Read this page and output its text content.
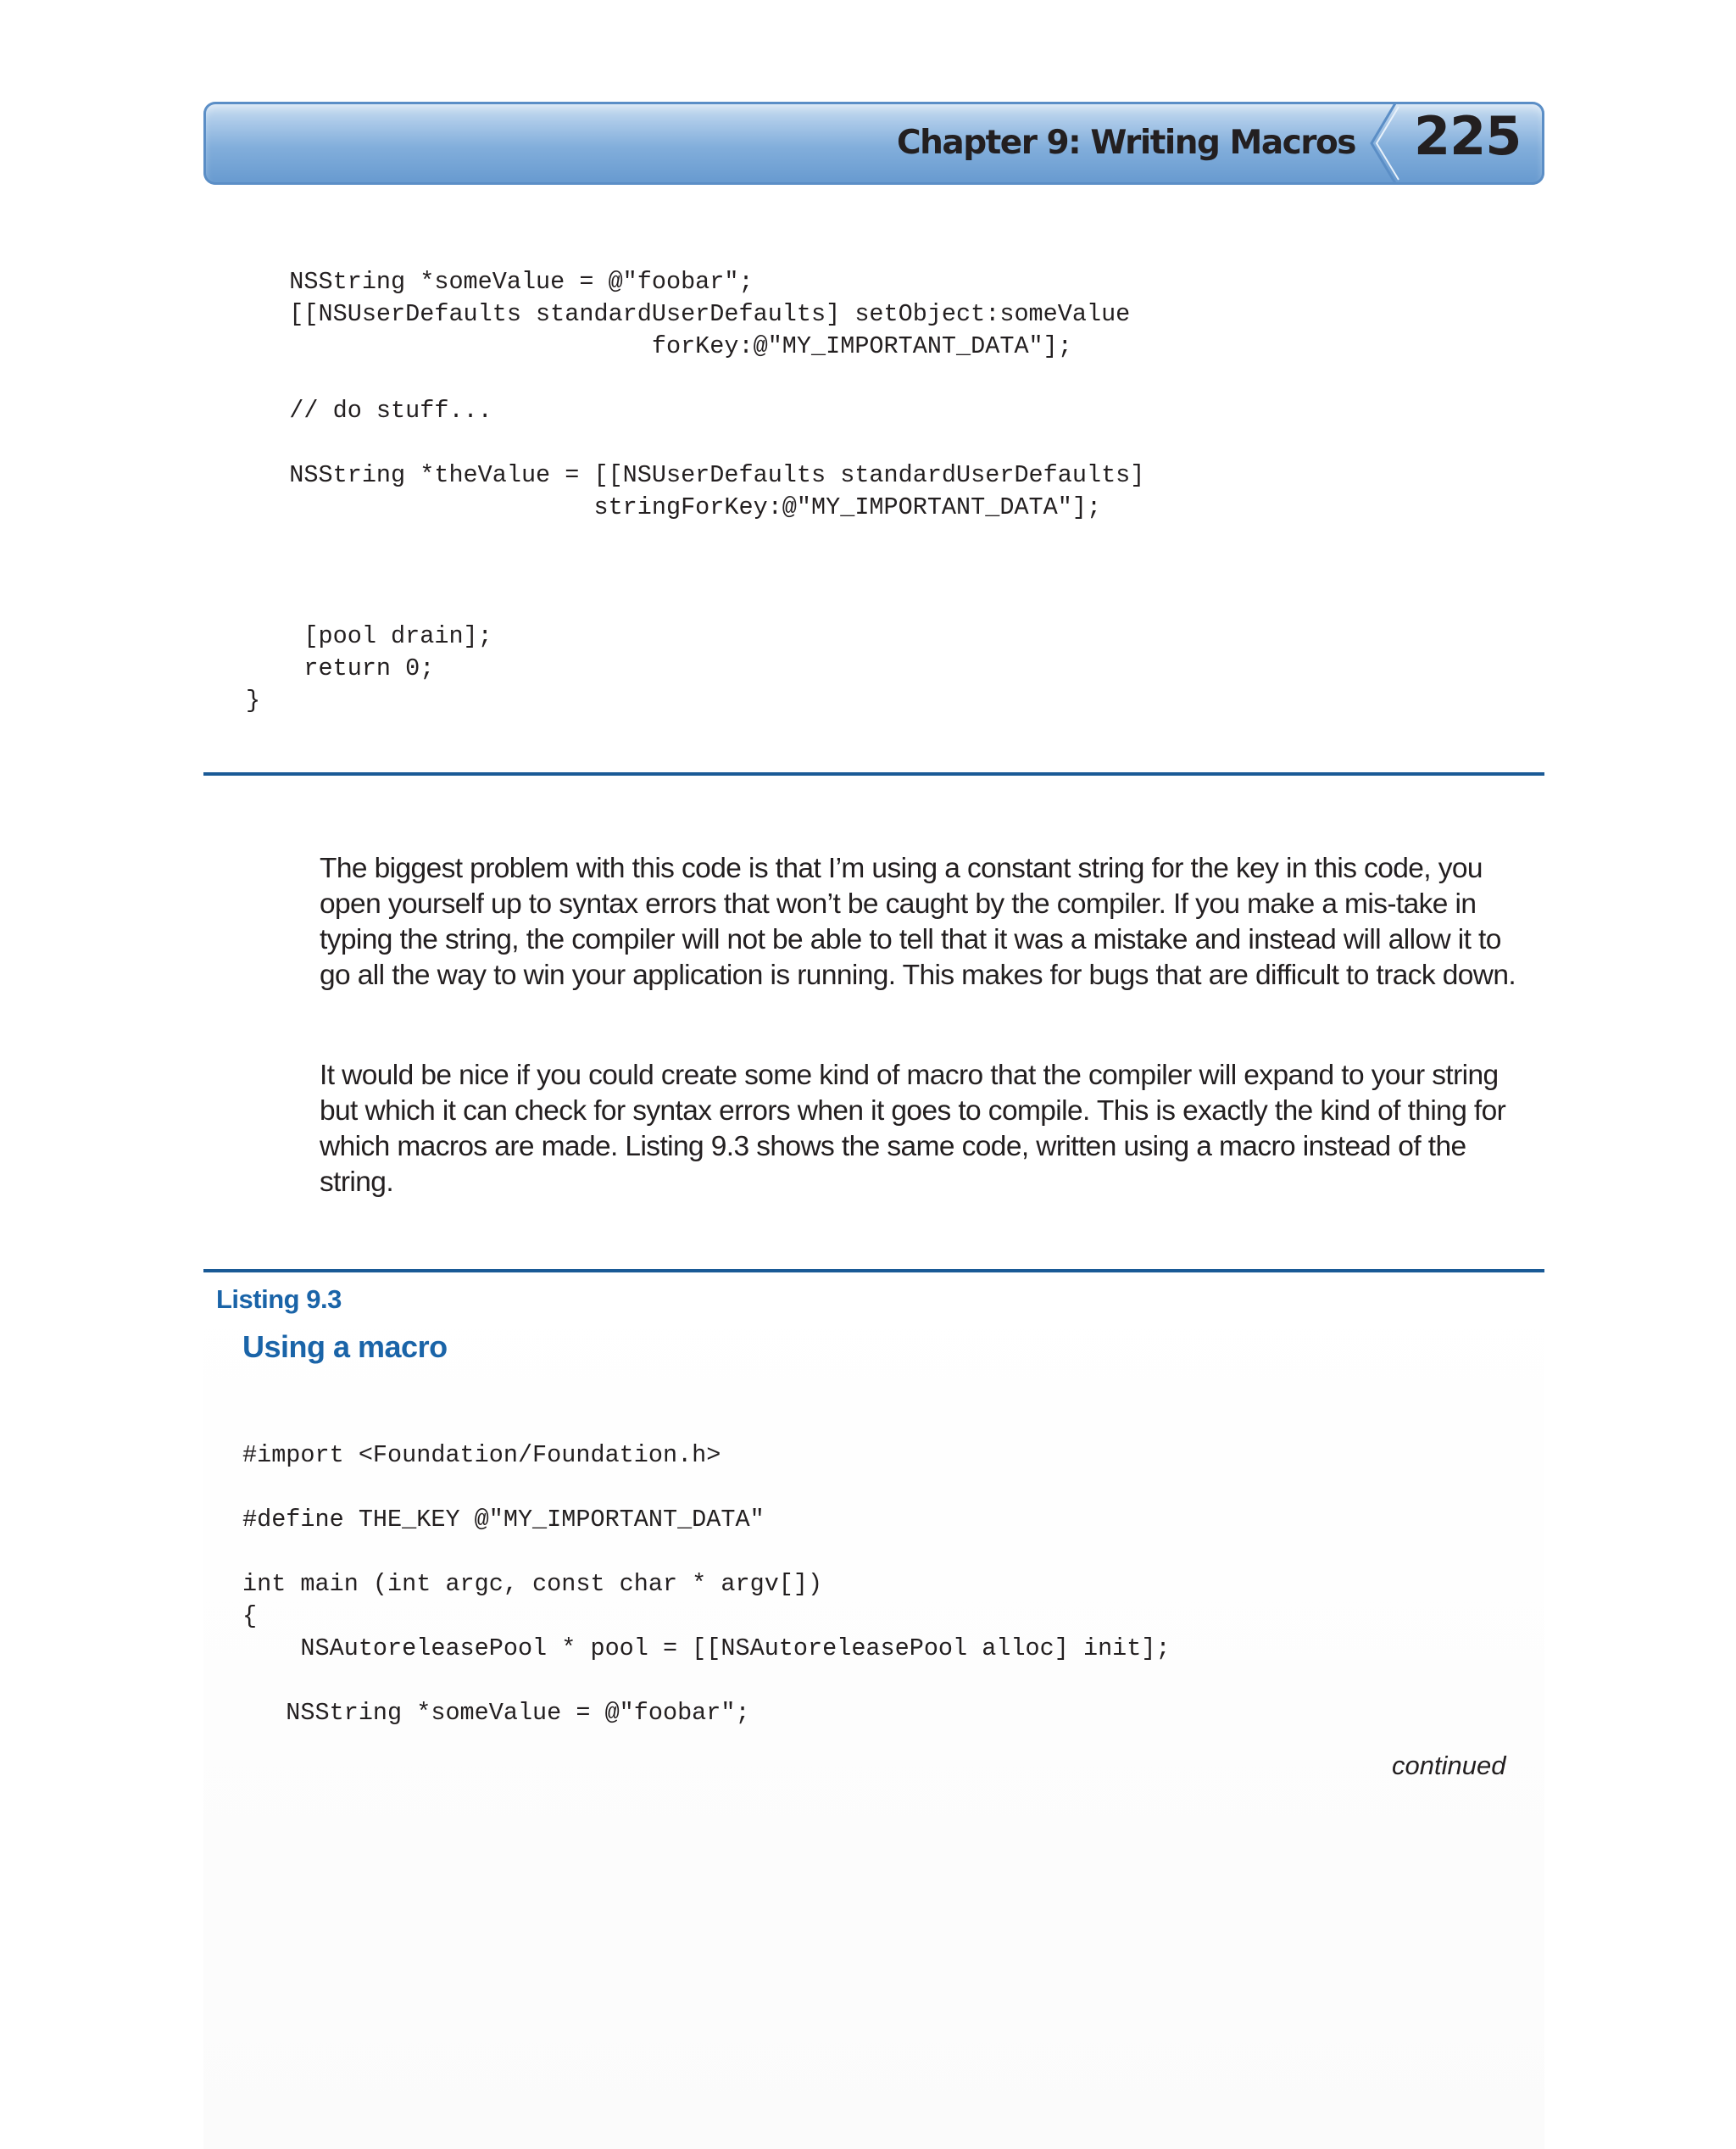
Chapter 9: Writing Macros 225
NSString *someValue = @"foobar";
[[NSUserDefaults standardUserDefaults] setObject:someValue
forKey:@"MY_IMPORTANT_DATA"];

// do stuff...

NSString *theValue = [[NSUserDefaults standardUserDefaults]
stringForKey:@"MY_IMPORTANT_DATA"];

[pool drain];
return 0;
}

The biggest problem with this code is that I’m using a constant string for the key in this code, you open yourself up to syntax errors that won’t be caught by the compiler. If you make a mis-take in typing the string, the compiler will not be able to tell that it was a mistake and instead will allow it to go all the way to win your application is running. This makes for bugs that are difficult to track down.

It would be nice if you could create some kind of macro that the compiler will expand to your string but which it can check for syntax errors when it goes to compile. This is exactly the kind of thing for which macros are made. Listing 9.3 shows the same code, written using a macro instead of the string.

Listing 9.3
Using a macro
#import <Foundation/Foundation.h>

#define THE_KEY @"MY_IMPORTANT_DATA"

int main (int argc, const char * argv[])
{
NSAutoreleasePool * pool = [[NSAutoreleasePool alloc] init];

NSString *someValue = @"foobar";

continued
